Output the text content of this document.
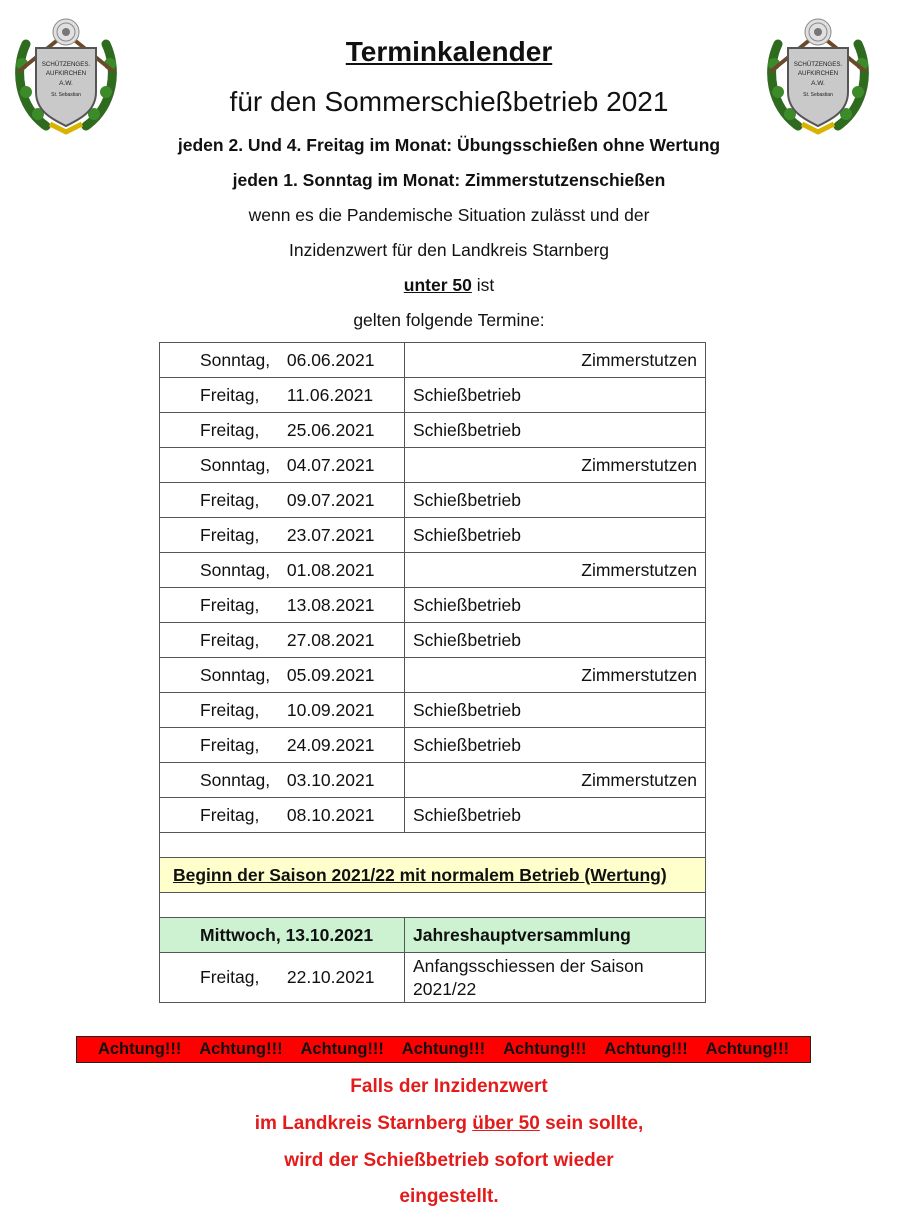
SCHÜTZENGES.
AUFKIRCHEN
A.W.
St. Sebastian
SCHÜTZENGES.
AUFKIRCHEN
A.W.
St. Sebastian
Terminkalender
für den Sommerschießbetrieb 2021
jeden 2. Und 4. Freitag im Monat: Übungsschießen ohne Wertung
jeden 1. Sonntag im Monat: Zimmerstutzenschießen
wenn es die Pandemische Situation zulässt und der
Inzidenzwert für den Landkreis Starnberg
unter 50 ist
gelten folgende Termine:
Sonntag, 06.06.2021	Zimmerstutzen
Freitag, 11.06.2021	Schießbetrieb
Freitag, 25.06.2021	Schießbetrieb
Sonntag, 04.07.2021	Zimmerstutzen
Freitag, 09.07.2021	Schießbetrieb
Freitag, 23.07.2021	Schießbetrieb
Sonntag, 01.08.2021	Zimmerstutzen
Freitag, 13.08.2021	Schießbetrieb
Freitag, 27.08.2021	Schießbetrieb
Sonntag, 05.09.2021	Zimmerstutzen
Freitag, 10.09.2021	Schießbetrieb
Freitag, 24.09.2021	Schießbetrieb
Sonntag, 03.10.2021	Zimmerstutzen
Freitag, 08.10.2021	Schießbetrieb

Beginn der Saison 2021/22 mit normalem Betrieb (Wertung)	

Mittwoch, 13.10.2021	Jahreshauptversammlung
Freitag, 22.10.2021	Anfangsschiessen der Saison 2021/22
Achtung!!! Achtung!!! Achtung!!! Achtung!!! Achtung!!! Achtung!!! Achtung!!!
Falls der Inzidenzwert
im Landkreis Starnberg über 50 sein sollte,
wird der Schießbetrieb sofort wieder
eingestellt.
